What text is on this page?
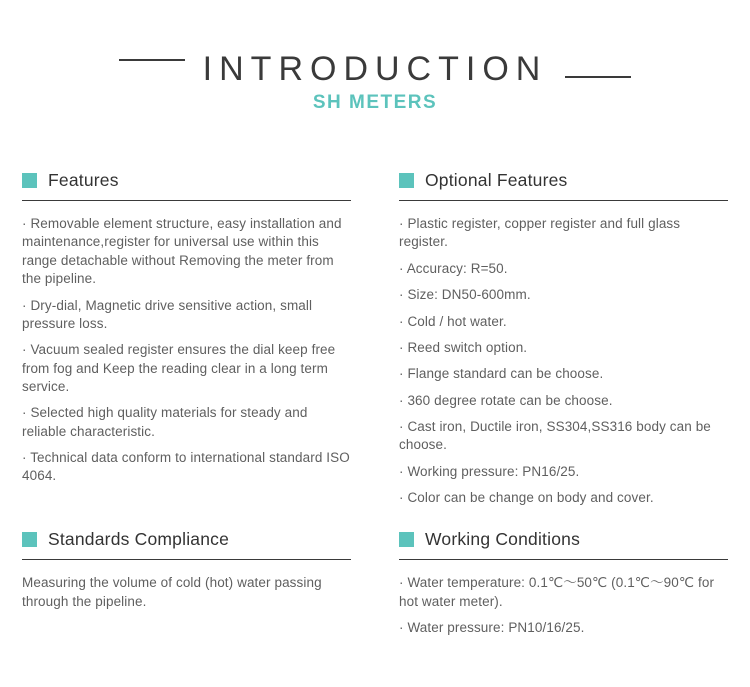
INTRODUCTION
SH METERS
Features

· Removable element structure, easy installation and maintenance,register for universal use within this range detachable without Removing the meter from the pipeline.

· Dry-dial, Magnetic drive sensitive action, small pressure loss.

· Vacuum sealed register ensures the dial keep free from fog and Keep the reading clear in a long term service.

· Selected high quality materials for steady and reliable characteristic.

· Technical data conform to international standard ISO 4064.

Optional Features

· Plastic register, copper register and full glass register.

· Accuracy: R=50.

· Size: DN50-600mm.

· Cold / hot water.

· Reed switch option.

· Flange standard can be choose.

· 360 degree rotate can be choose.

· Cast iron, Ductile iron, SS304,SS316 body can be choose.

· Working pressure: PN16/25.

· Color can be change on body and cover.

Standards Compliance

Measuring the volume of cold (hot) water passing through the pipeline.

Working Conditions

· Water temperature: 0.1℃～50℃ (0.1℃～90℃ for hot water meter).

· Water pressure: PN10/16/25.
